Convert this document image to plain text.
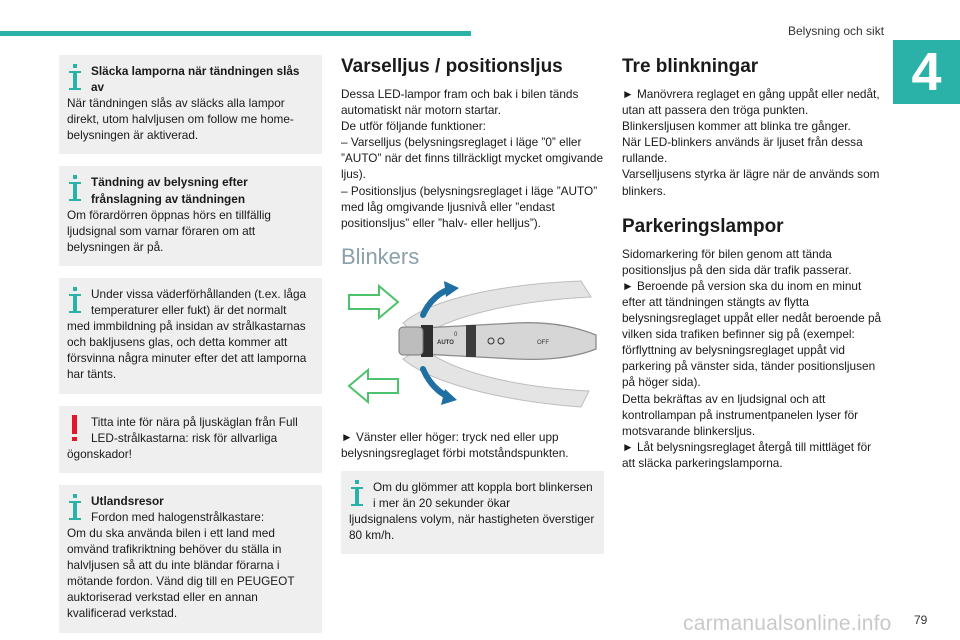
Belysning och sikt
4

Släcka lamporna när tändningen slås av

När tändningen slås av släcks alla lampor direkt, utom halvljusen om follow me home-belysningen är aktiverad.

Tändning av belysning efter frånslagning av tändningen

Om förardörren öppnas hörs en tillfällig ljudsignal som varnar föraren om att belysningen är på.

Under vissa väderförhållanden (t.ex. låga temperaturer eller fukt) är det normalt

med immbildning på insidan av strålkastarnas och bakljusens glas, och detta kommer att försvinna några minuter efter det att lamporna har tänts.

Titta inte för nära på ljuskäglan från Full LED-strålkastarna: risk för allvarliga

ögonskador!

Utlandsresor

Fordon med halogenstrålkastare:

Om du ska använda bilen i ett land med omvänd trafikriktning behöver du ställa in halvljusen så att du inte bländar förarna i mötande fordon. Vänd dig till en PEUGEOT auktoriserad verkstad eller en annan kvalificerad verkstad.

Varselljus / positionsljus

Dessa LED-lampor fram och bak i bilen tänds automatiskt när motorn startar.

De utför följande funktioner:

– Varselljus (belysningsreglaget i läge ”0” eller ”AUTO” när det finns tillräckligt mycket omgivande ljus).

– Positionsljus (belysningsreglaget i läge ”AUTO” med låg omgivande ljusnivå eller ”endast positionsljus” eller ”halv- eller helljus”).

Blinkers
AUTO
0
OFF

► Vänster eller höger: tryck ned eller upp belysningsreglaget förbi motståndspunkten.

Om du glömmer att koppla bort blinkersen i mer än 20 sekunder ökar

ljudsignalens volym, när hastigheten överstiger 80 km/h.

Tre blinkningar

► Manövrera reglaget en gång uppåt eller nedåt, utan att passera den tröga punkten.

Blinkersljusen kommer att blinka tre gånger.

När LED-blinkers används är ljuset från dessa rullande.

Varselljusens styrka är lägre när de används som blinkers.

Parkeringslampor

Sidomarkering för bilen genom att tända positionsljus på den sida där trafik passerar.

► Beroende på version ska du inom en minut efter att tändningen stängts av flytta belysningsreglaget uppåt eller nedåt beroende på vilken sida trafiken befinner sig på (exempel: förflyttning av belysningsreglaget uppåt vid parkering på vänster sida, tänder positionsljusen på höger sida).

Detta bekräftas av en ljudsignal och att kontrollampan på instrumentpanelen lyser för motsvarande blinkersljus.

► Låt belysningsreglaget återgå till mittläget för att släcka parkeringslamporna.

carmanualsonline.info 79
